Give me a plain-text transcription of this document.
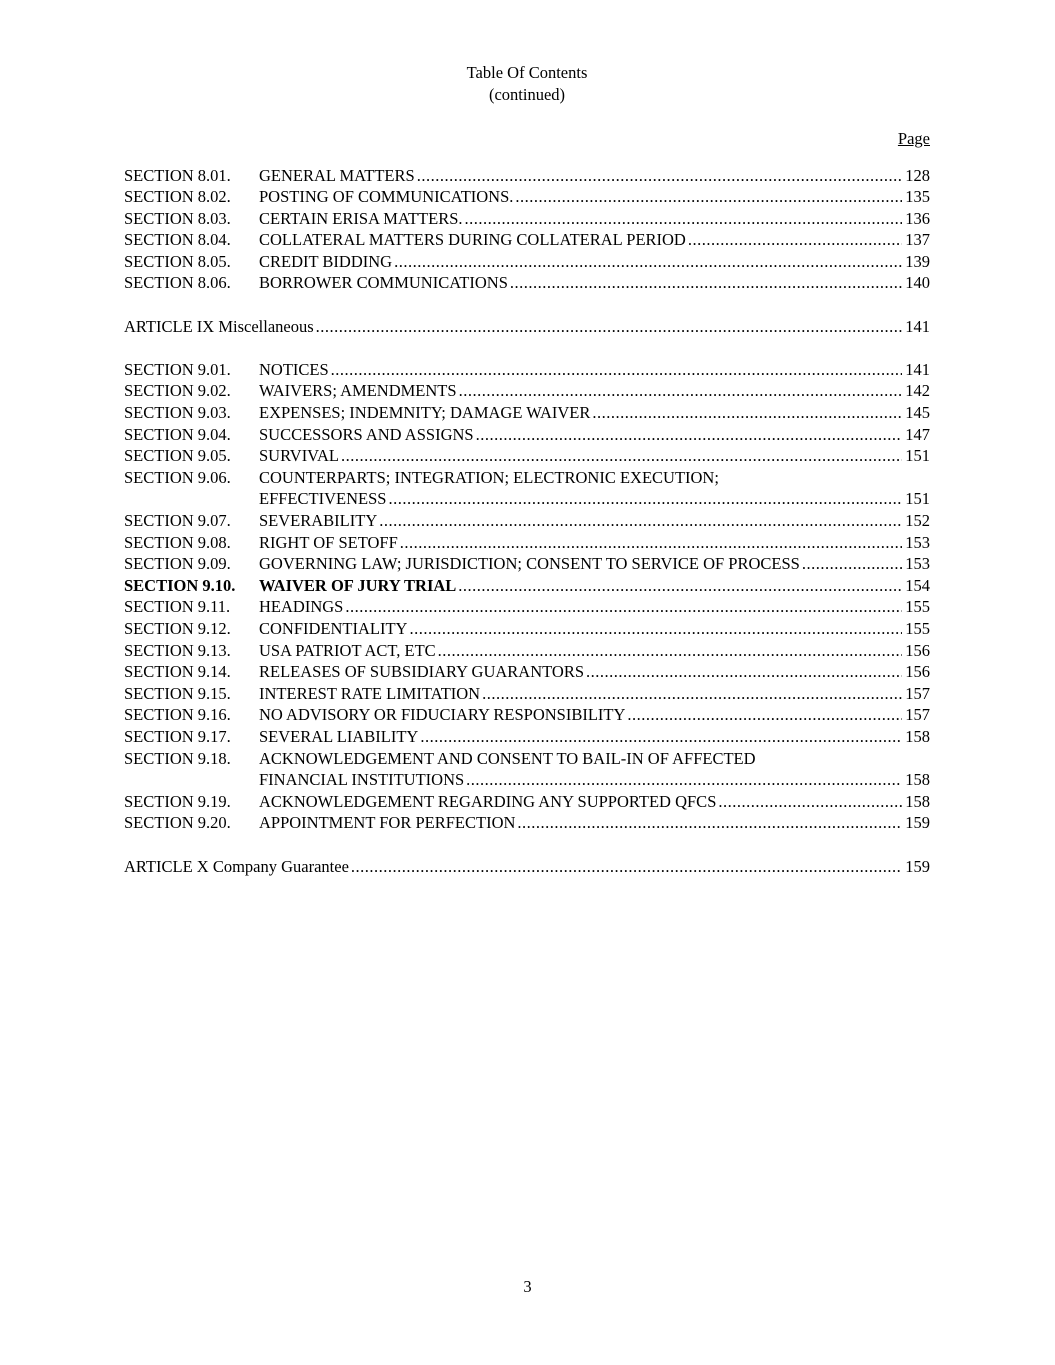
Table Of Contents
(continued)
Page
SECTION 8.01.	GENERAL MATTERS .....	128
SECTION 8.02.	POSTING OF COMMUNICATIONS. .....	135
SECTION 8.03.	CERTAIN ERISA MATTERS. .....	136
SECTION 8.04.	COLLATERAL MATTERS DURING COLLATERAL PERIOD .....	137
SECTION 8.05.	CREDIT BIDDING .....	139
SECTION 8.06.	BORROWER COMMUNICATIONS .....	140
ARTICLE IX Miscellaneous .....	141
SECTION 9.01.	NOTICES .....	141
SECTION 9.02.	WAIVERS; AMENDMENTS .....	142
SECTION 9.03.	EXPENSES; INDEMNITY; DAMAGE WAIVER .....	145
SECTION 9.04.	SUCCESSORS AND ASSIGNS .....	147
SECTION 9.05.	SURVIVAL .....	151
SECTION 9.06.	COUNTERPARTS; INTEGRATION; ELECTRONIC EXECUTION;
EFFECTIVENESS .....	151
SECTION 9.07.	SEVERABILITY .....	152
SECTION 9.08.	RIGHT OF SETOFF .....	153
SECTION 9.09.	GOVERNING LAW; JURISDICTION; CONSENT TO SERVICE OF PROCESS .....	153
SECTION 9.10.	WAIVER OF JURY TRIAL .....	154
SECTION 9.11.	HEADINGS .....	155
SECTION 9.12.	CONFIDENTIALITY .....	155
SECTION 9.13.	USA PATRIOT ACT, ETC .....	156
SECTION 9.14.	RELEASES OF SUBSIDIARY GUARANTORS .....	156
SECTION 9.15.	INTEREST RATE LIMITATION .....	157
SECTION 9.16.	NO ADVISORY OR FIDUCIARY RESPONSIBILITY .....	157
SECTION 9.17.	SEVERAL LIABILITY .....	158
SECTION 9.18.	ACKNOWLEDGEMENT AND CONSENT TO BAIL-IN OF AFFECTED
FINANCIAL INSTITUTIONS .....	158
SECTION 9.19.	ACKNOWLEDGEMENT REGARDING ANY SUPPORTED QFCS .....	158
SECTION 9.20.	APPOINTMENT FOR PERFECTION .....	159
ARTICLE X Company Guarantee .....	159
3
